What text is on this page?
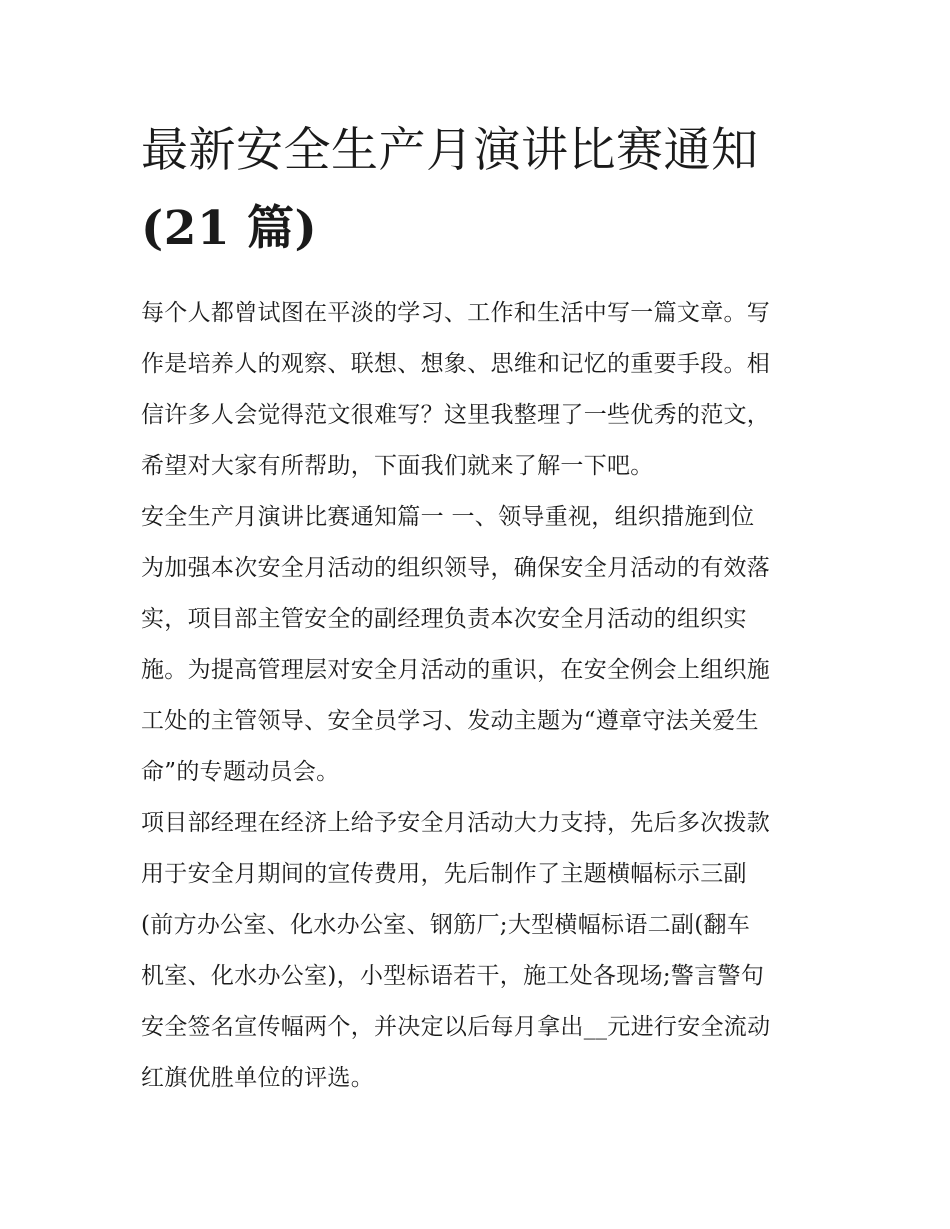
最新安全生产月演讲比赛通知
(21 篇)

每个人都曾试图在平淡的学习、工作和生活中写一篇文章。写
作是培养人的观察、联想、想象、思维和记忆的重要手段。相
信许多人会觉得范文很难写？这里我整理了一些优秀的范文，
希望对大家有所帮助，下面我们就来了解一下吧。

安全生产月演讲比赛通知篇一 一、领导重视，组织措施到位
为加强本次安全月活动的组织领导，确保安全月活动的有效落
实，项目部主管安全的副经理负责本次安全月活动的组织实
施。为提高管理层对安全月活动的重识，在安全例会上组织施
工处的主管领导、安全员学习、发动主题为“遵章守法关爱生
命”的专题动员会。

项目部经理在经济上给予安全月活动大力支持，先后多次拨款
用于安全月期间的宣传费用，先后制作了主题横幅标示三副
(前方办公室、化水办公室、钢筋厂;大型横幅标语二副(翻车
机室、化水办公室)，小型标语若干，施工处各现场;警言警句
安全签名宣传幅两个，并决定以后每月拿出__元进行安全流动
红旗优胜单位的评选。
